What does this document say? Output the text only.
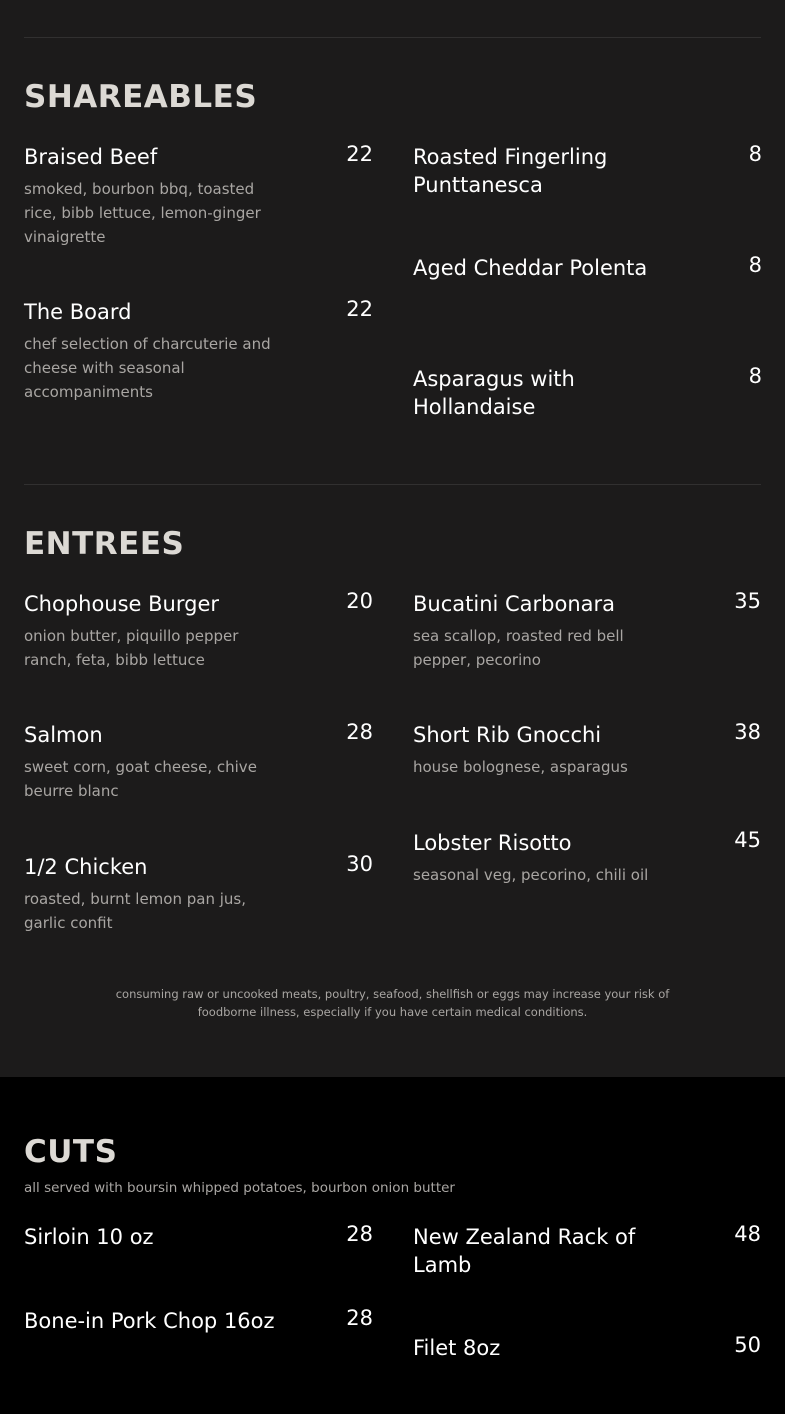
SHAREABLES
Braised Beef	22
smoked, bourbon bbq, toasted rice, bibb lettuce, lemon-ginger vinaigrette
The Board	22
chef selection of charcuterie and cheese with seasonal accompaniments
Roasted Fingerling Punttanesca
8
Aged Cheddar Polenta	8
Asparagus with Hollandaise
8
ENTREES
Chophouse Burger	20
onion butter, piquillo pepper ranch, feta, bibb lettuce
Salmon	28
sweet corn, goat cheese, chive beurre blanc
1/2 Chicken	30
roasted, burnt lemon pan jus, garlic confit
Bucatini Carbonara	35
sea scallop, roasted red bell pepper, pecorino
Short Rib Gnocchi	38
house bolognese, asparagus
Lobster Risotto	45
seasonal veg, pecorino, chili oil

consuming raw or uncooked meats, poultry, seafood, shellfish or eggs may increase your risk of foodborne illness, especially if you have certain medical conditions.

CUTS
all served with boursin whipped potatoes, bourbon onion butter
Sirloin 10 oz	28
Bone-in Pork Chop 16oz	28
New Zealand Rack of Lamb
48
Filet 8oz	50
